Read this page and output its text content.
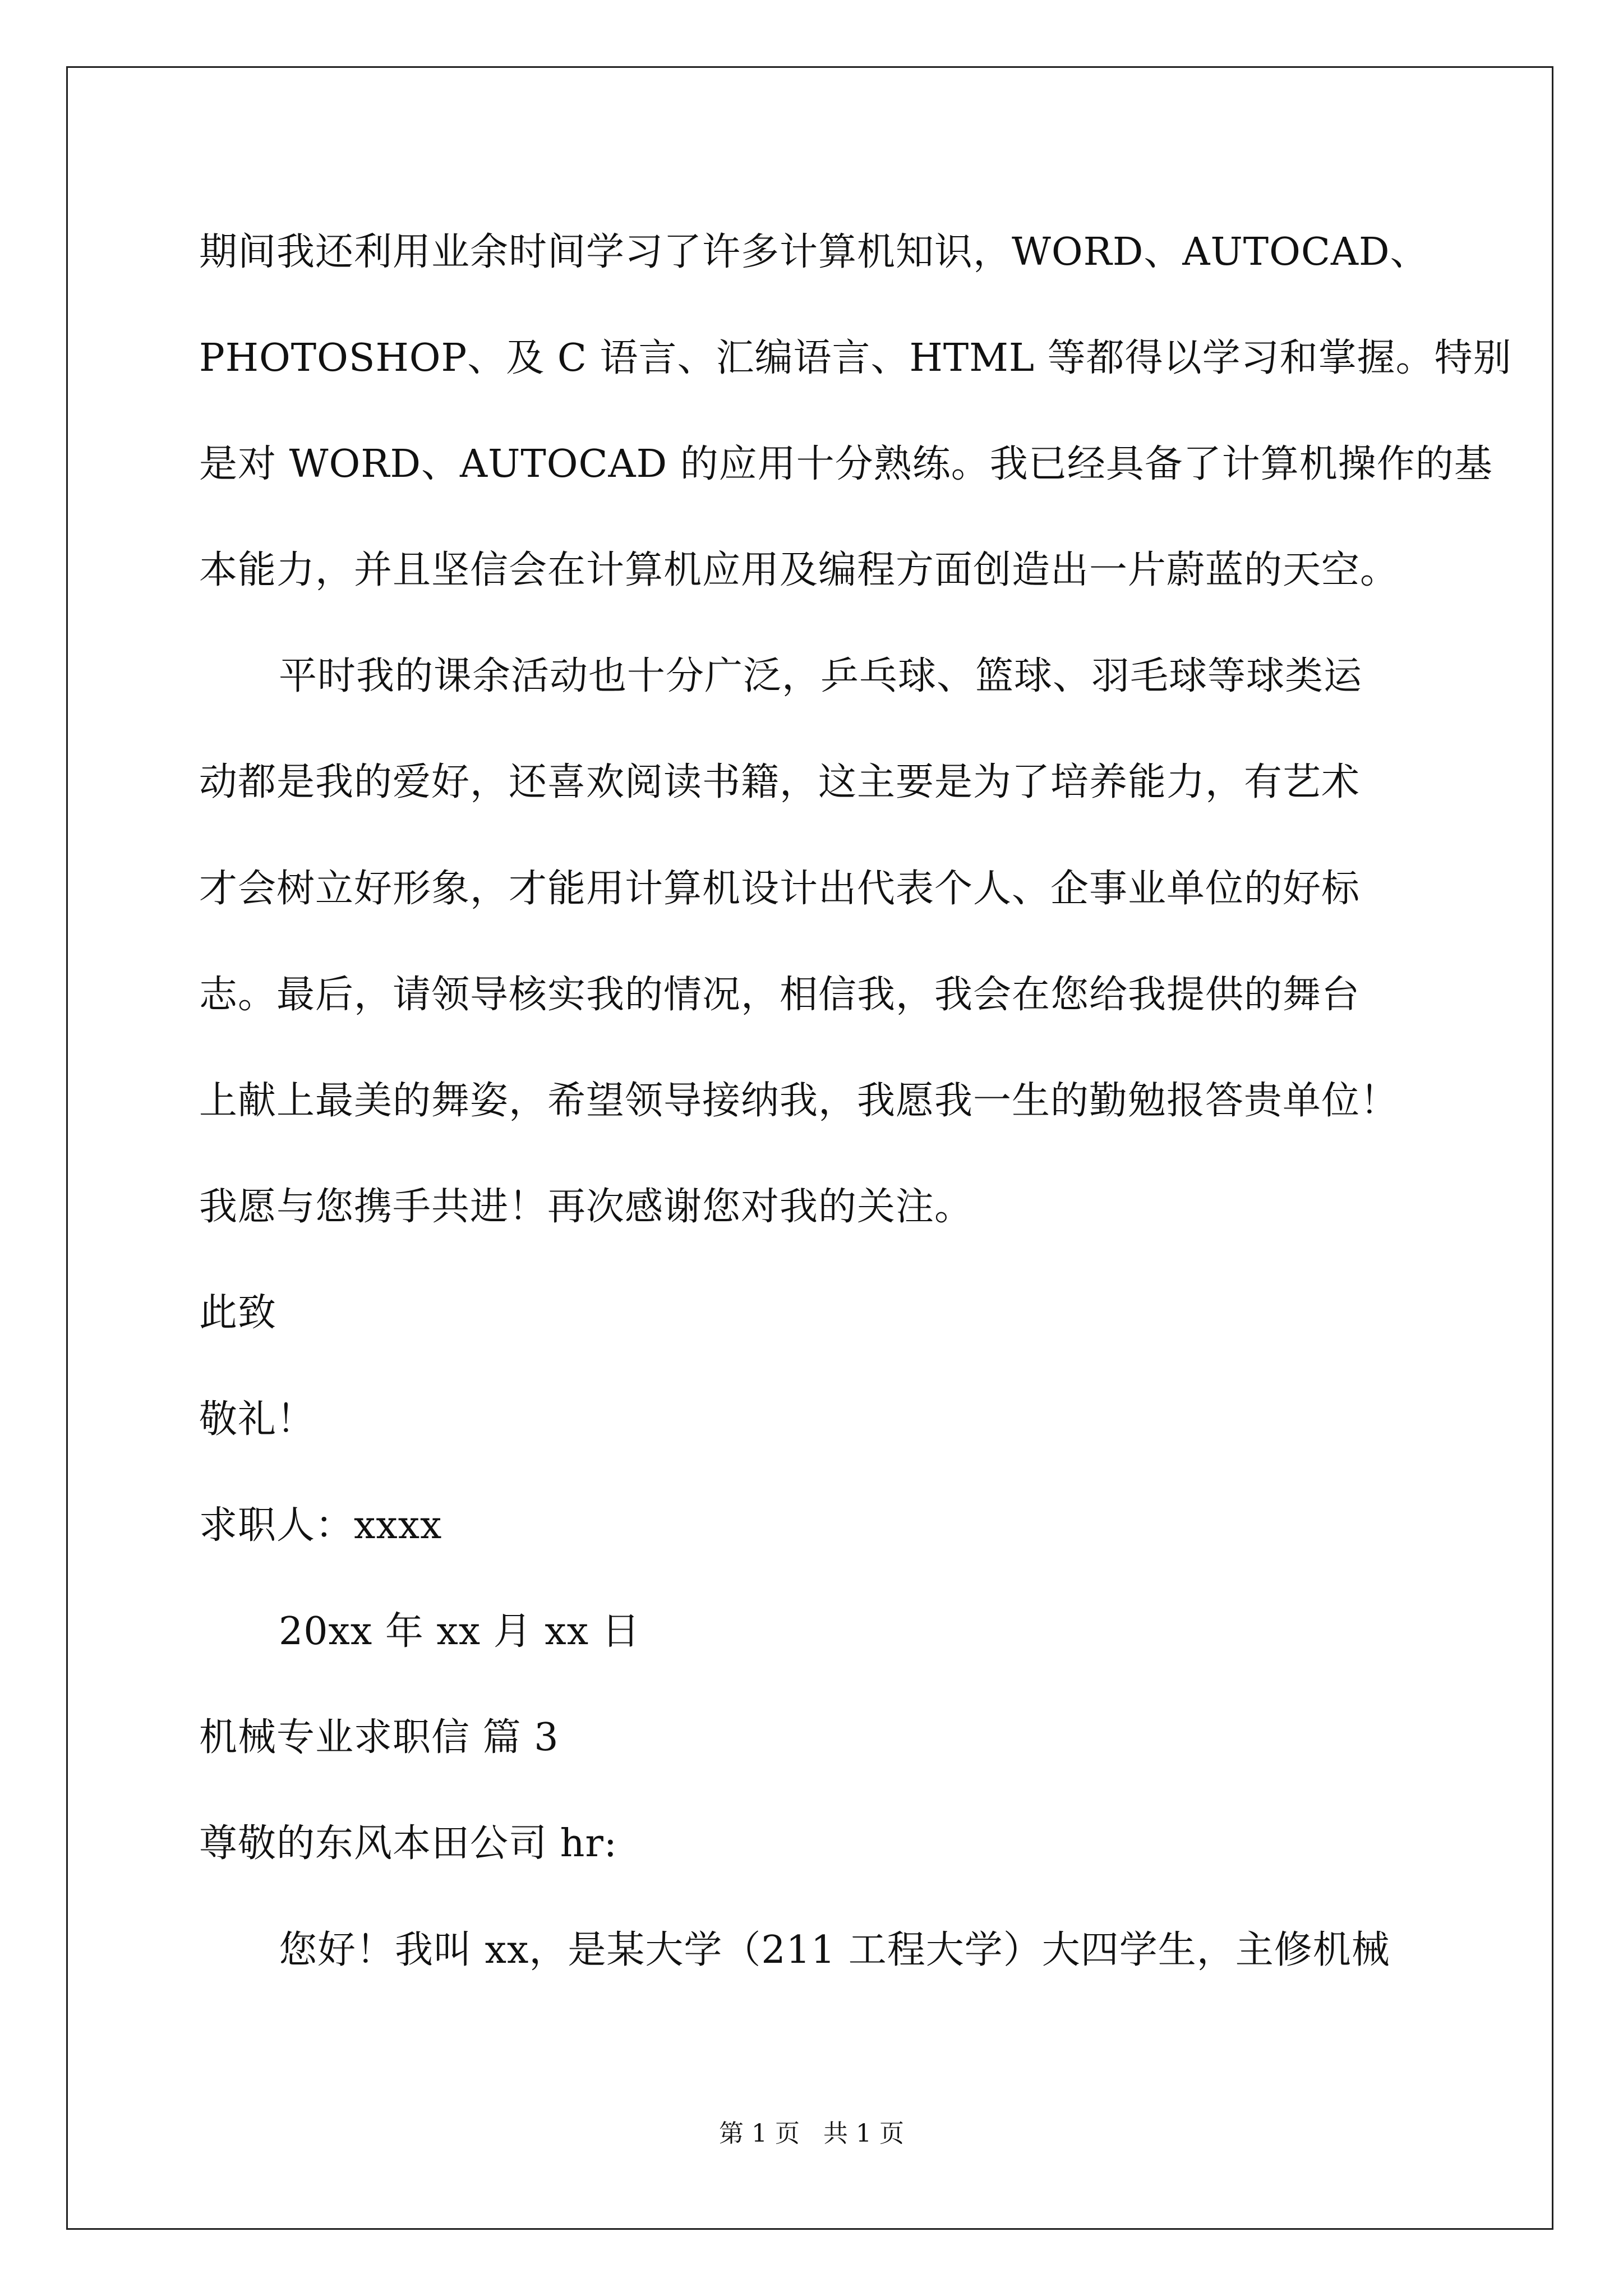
期间我还利用业余时间学习了许多计算机知识，WORD、AUTOCAD、
PHOTOSHOP、及 C 语言、汇编语言、HTML 等都得以学习和掌握。特别
是对 WORD、AUTOCAD 的应用十分熟练。我已经具备了计算机操作的基
本能力，并且坚信会在计算机应用及编程方面创造出一片蔚蓝的天空。
平时我的课余活动也十分广泛，乒乓球、篮球、羽毛球等球类运
动都是我的爱好，还喜欢阅读书籍，这主要是为了培养能力，有艺术
才会树立好形象，才能用计算机设计出代表个人、企事业单位的好标
志。最后，请领导核实我的情况，相信我，我会在您给我提供的舞台
上献上最美的舞姿，希望领导接纳我，我愿我一生的勤勉报答贵单位！
我愿与您携手共进！再次感谢您对我的关注。
此致
敬礼！
求职人：xxxx
20xx 年 xx 月 xx 日
机械专业求职信 篇 3
尊敬的东风本田公司 hr:
您好！我叫 xx，是某大学（211 工程大学）大四学生，主修机械
第 1 页   共 1 页
